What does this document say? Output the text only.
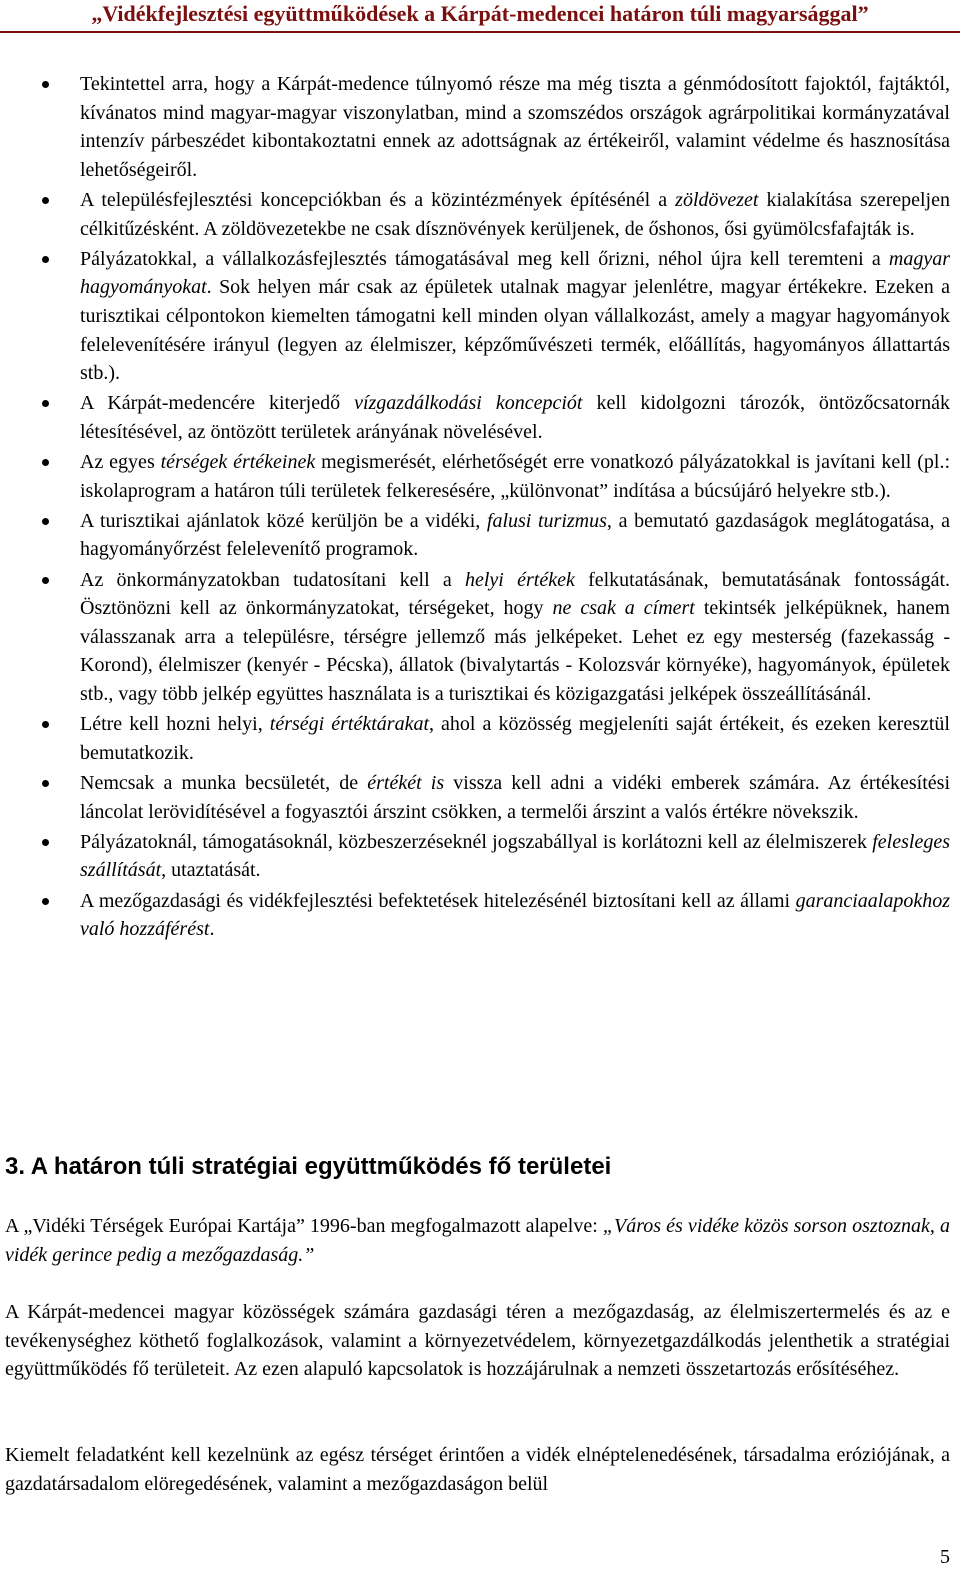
„Vidékfejlesztési együttműködések a Kárpát-medencei határon túli magyarsággal”
Tekintettel arra, hogy a Kárpát-medence túlnyomó része ma még tiszta a génmódosított fajoktól, fajtáktól, kívánatos mind magyar-magyar viszonylatban, mind a szomszédos országok agrárpolitikai kormányzatával intenzív párbeszédet kibontakoztatni ennek az adottságnak az értékeiről, valamint védelme és hasznosítása lehetőségeiről.
A településfejlesztési koncepciókban és a közintézmények építésénél a zöldövezet kialakítása szerepeljen célkitűzésként. A zöldövezetekbe ne csak dísznövények kerüljenek, de őshonos, ősi gyümölcsfafajták is.
Pályázatokkal, a vállalkozásfejlesztés támogatásával meg kell őrizni, néhol újra kell teremteni a magyar hagyományokat. Sok helyen már csak az épületek utalnak magyar jelenlétre, magyar értékekre. Ezeken a turisztikai célpontokon kiemelten támogatni kell minden olyan vállalkozást, amely a magyar hagyományok felelevenítésére irányul (legyen az élelmiszer, képzőművészeti termék, előállítás, hagyományos állattartás stb.).
A Kárpát-medencére kiterjedő vízgazdálkodási koncepciót kell kidolgozni tározók, öntözőcsatornák létesítésével, az öntözött területek arányának növelésével.
Az egyes térségek értékeinek megismerését, elérhetőségét erre vonatkozó pályázatokkal is javítani kell (pl.: iskolaprogram a határon túli területek felkeresésére, „különvonat” indítása a búcsújáró helyekre stb.).
A turisztikai ajánlatok közé kerüljön be a vidéki, falusi turizmus, a bemutató gazdaságok meglátogatása, a hagyományőrzést felelevenítő programok.
Az önkormányzatokban tudatosítani kell a helyi értékek felkutatásának, bemutatásának fontosságát. Ösztönözni kell az önkormányzatokat, térségeket, hogy ne csak a címert tekintsék jelképüknek, hanem válasszanak arra a településre, térségre jellemző más jelképeket. Lehet ez egy mesterség (fazekasság - Korond), élelmiszer (kenyér - Pécska), állatok (bivalytartás - Kolozsvár környéke), hagyományok, épületek stb., vagy több jelkép együttes használata is a turisztikai és közigazgatási jelképek összeállításánál.
Létre kell hozni helyi, térségi értéktárakat, ahol a közösség megjeleníti saját értékeit, és ezeken keresztül bemutatkozik.
Nemcsak a munka becsületét, de értékét is vissza kell adni a vidéki emberek számára. Az értékesítési láncolat lerövidítésével a fogyasztói árszint csökken, a termelői árszint a valós értékre növekszik.
Pályázatoknál, támogatásoknál, közbeszerzéseknél jogszabállyal is korlátozni kell az élelmiszerek felesleges szállítását, utaztatását.
A mezőgazdasági és vidékfejlesztési befektetések hitelezésénél biztosítani kell az állami garanciaalapokhoz való hozzáférést.
3. A határon túli stratégiai együttműködés fő területei

A „Vidéki Térségek Európai Kartája” 1996-ban megfogalmazott alapelve: „Város és vidéke közös sorson osztoznak, a vidék gerince pedig a mezőgazdaság.”

A Kárpát-medencei magyar közösségek számára gazdasági téren a mezőgazdaság, az élelmiszertermelés és az e tevékenységhez köthető foglalkozások, valamint a környezetvédelem, környezetgazdálkodás jelenthetik a stratégiai együttműködés fő területeit. Az ezen alapuló kapcsolatok is hozzájárulnak a nemzeti összetartozás erősítéséhez.

Kiemelt feladatként kell kezelnünk az egész térséget érintően a vidék elnéptelenedésének, társadalma eróziójának, a gazdatársadalom elöregedésének, valamint a mezőgazdaságon belül

5
